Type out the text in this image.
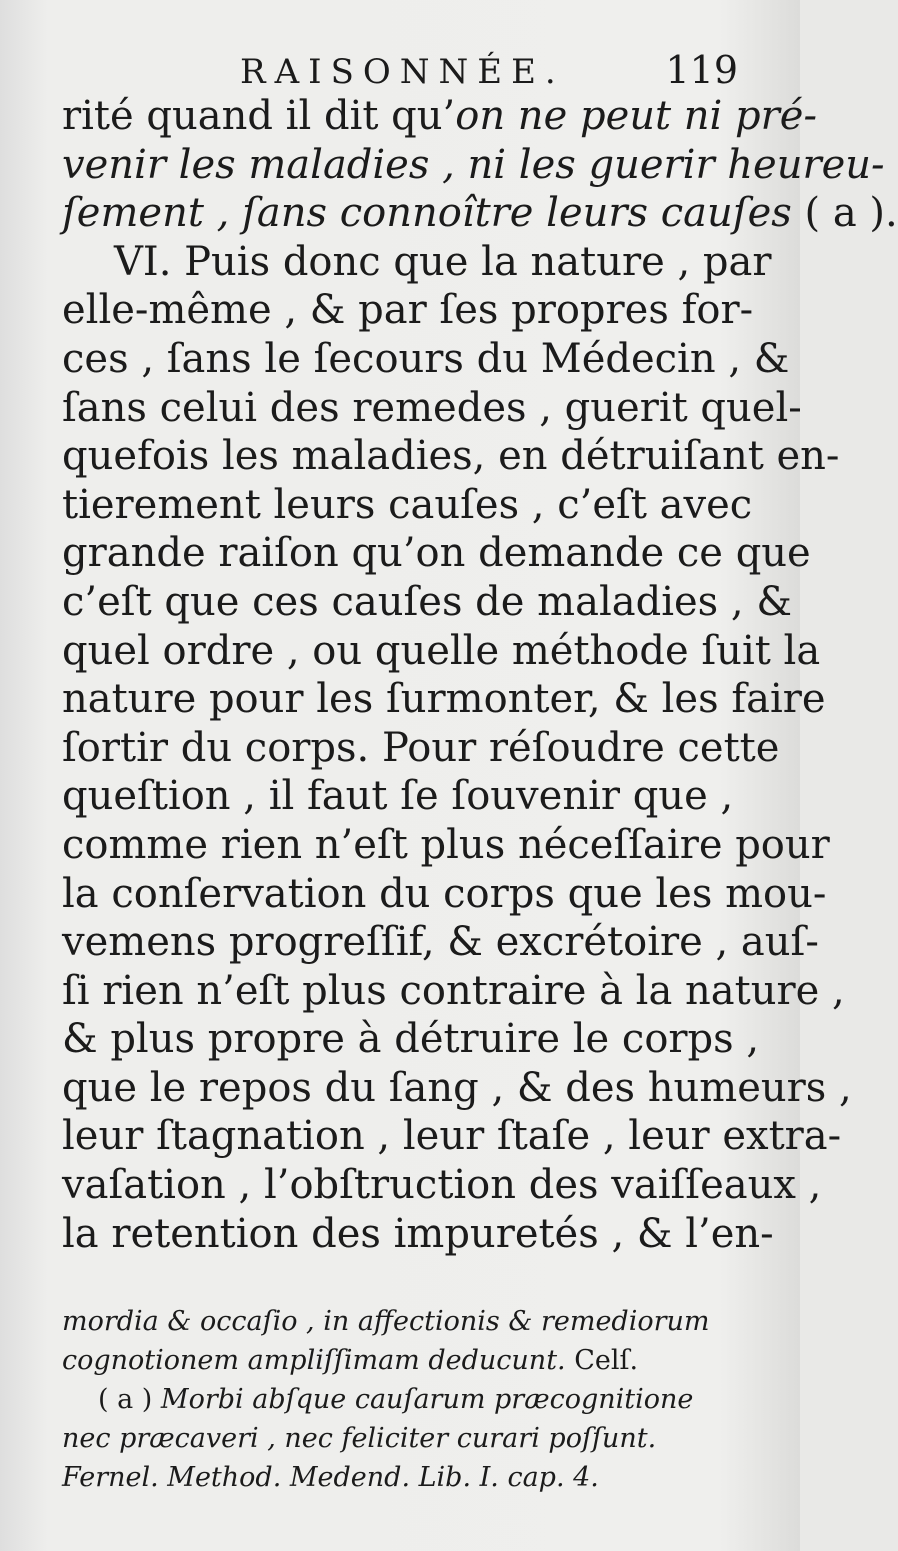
RAISONNÉE.	119
rité quand il dit qu’on ne peut ni pré-
venir les maladies , ni les guerir heureu-
ſement , ſans connoître leurs cauſes ( a ).
VI. Puis donc que la nature , par
elle-même , & par ſes propres for-
ces , ſans le ſecours du Médecin , &
ſans celui des remedes , guerit quel-
quefois les maladies, en détruiſant en-
tierement leurs cauſes , c’eſt avec
grande raiſon qu’on demande ce que
c’eſt que ces cauſes de maladies , &
quel ordre , ou quelle méthode ſuit la
nature pour les ſurmonter, & les faire
ſortir du corps. Pour réſoudre cette
queſtion , il faut ſe ſouvenir que ,
comme rien n’eſt plus néceſſaire pour
la conſervation du corps que les mou-
vemens progreſſif, & excrétoire , auſ-
ſi rien n’eſt plus contraire à la nature ,
& plus propre à détruire le corps ,
que le repos du ſang , & des humeurs ,
leur ſtagnation , leur ſtaſe , leur extra-
vaſation , l’obſtruction des vaiſſeaux ,
la retention des impuretés , & l’en-
mordia & occaſio , in affectionis & remediorum
cognotionem ampliſſimam deducunt. Celſ.
( a ) Morbi abſque cauſarum præcognitione
nec præcaveri , nec feliciter curari poſſunt.
Fernel. Method. Medend. Lib. I. cap. 4.
